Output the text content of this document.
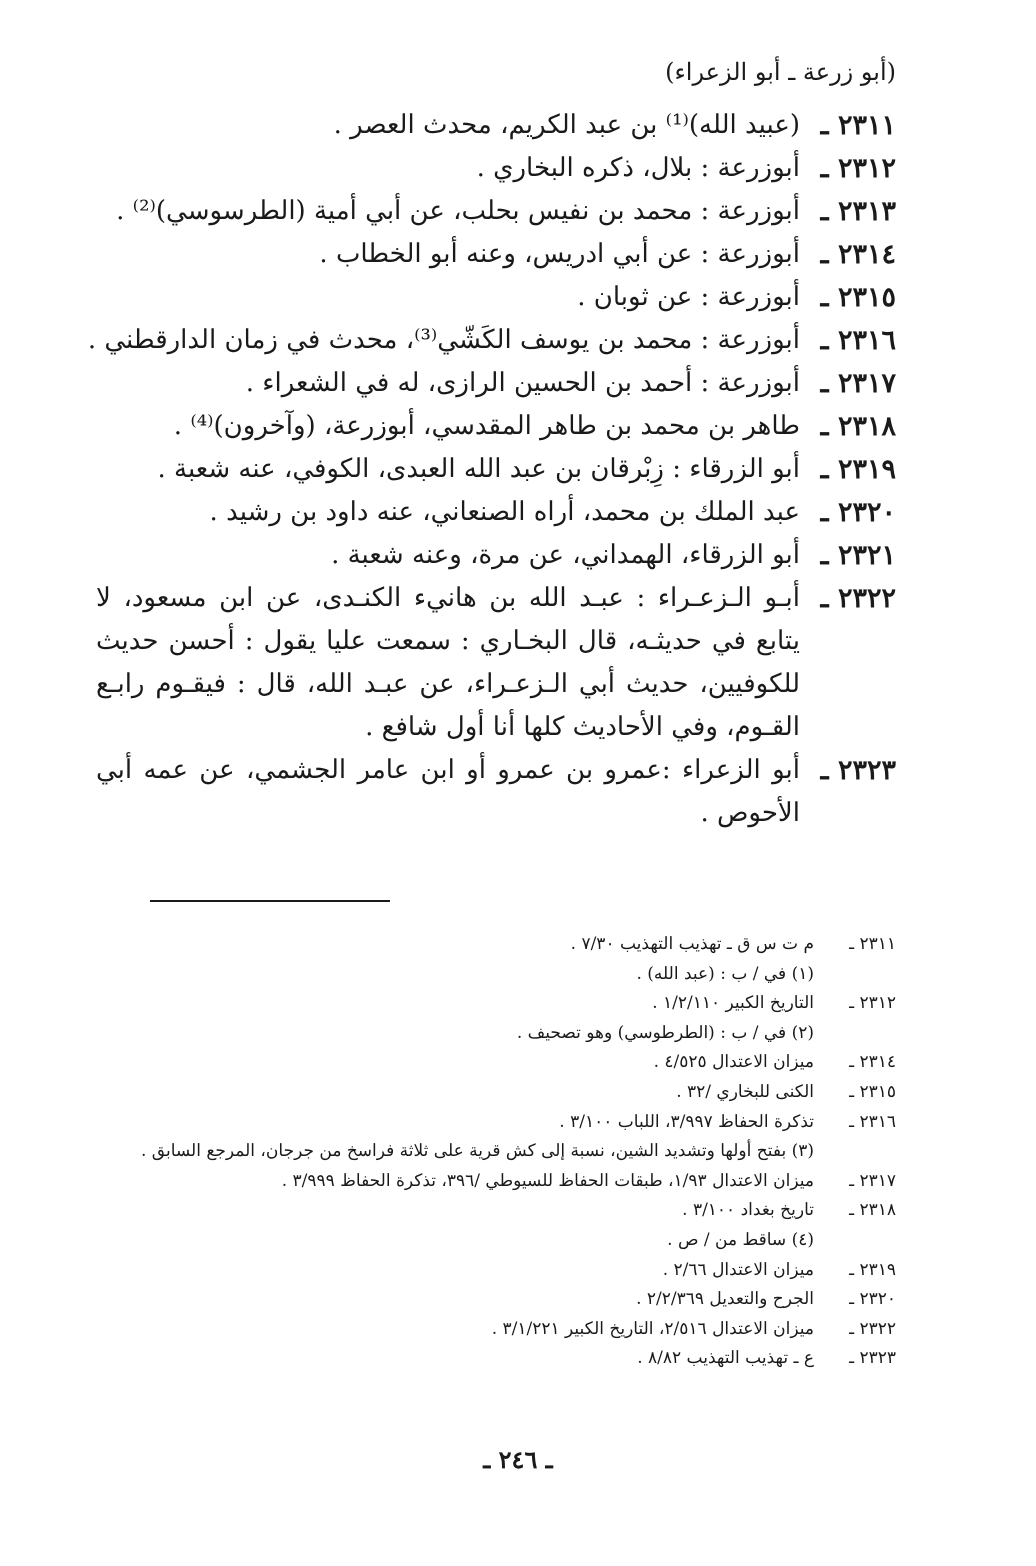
(أبو زرعة ـ أبو الزعراء)
٢٣١١ ـ
(عبيد الله)⁽¹⁾ بن عبد الكريم، محدث العصر .
٢٣١٢ ـ
أبوزرعة : بلال، ذكره البخاري .
٢٣١٣ ـ
أبوزرعة : محمد بن نفيس بحلب، عن أبي أمية (الطرسوسي)⁽²⁾ .
٢٣١٤ ـ
أبوزرعة : عن أبي ادريس، وعنه أبو الخطاب .
٢٣١٥ ـ
أبوزرعة : عن ثوبان .
٢٣١٦ ـ
أبوزرعة : محمد بن يوسف الكَشّي⁽³⁾، محدث في زمان الدارقطني .
٢٣١٧ ـ
أبوزرعة : أحمد بن الحسين الرازى، له في الشعراء .
٢٣١٨ ـ
طاهر بن محمد بن طاهر المقدسي، أبوزرعة، (وآخرون)⁽⁴⁾ .
٢٣١٩ ـ
أبو الزرقاء : زِبْرقان بن عبد الله العبدى، الكوفي، عنه شعبة .
٢٣٢٠ ـ
عبد الملك بن محمد، أراه الصنعاني، عنه داود بن رشيد .
٢٣٢١ ـ
أبو الزرقاء، الهمداني، عن مرة، وعنه شعبة .
٢٣٢٢ ـ
أبـو الـزعـراء : عبـد الله بن هانيء الكنـدى، عن ابن مسعود، لا يتابع في حديثـه، قال البخـاري : سمعت عليا يقول : أحسن حديث للكوفيين، حديث أبي الـزعـراء، عن عبـد الله، قال : فيقـوم رابـع القـوم، وفي الأحاديث كلها أنا أول شافع .
٢٣٢٣ ـ
أبو الزعراء :عمرو بن عمرو أو ابن عامر الجشمي، عن عمه أبي الأحوص .
٢٣١١ ـ
م ت س ق ـ تهذيب التهذيب ٧/٣٠ .
(١) في / ب : (عبد الله) .
٢٣١٢ ـ
التاريخ الكبير ١/٢/١١٠ .
(٢) في / ب : (الطرطوسي) وهو تصحيف .
٢٣١٤ ـ
ميزان الاعتدال ٤/٥٢٥ .
٢٣١٥ ـ
الكنى للبخاري /٣٢ .
٢٣١٦ ـ
تذكرة الحفاظ ٣/٩٩٧، اللباب ٣/١٠٠ .
(٣) بفتح أولها وتشديد الشين، نسبة إلى كش قرية على ثلاثة فراسخ من جرجان، المرجع السابق .
٢٣١٧ ـ
ميزان الاعتدال ١/٩٣، طبقات الحفاظ للسيوطي /٣٩٦، تذكرة الحفاظ ٣/٩٩٩ .
٢٣١٨ ـ
تاريخ بغداد ٣/١٠٠ .
(٤) ساقط من / ص .
٢٣١٩ ـ
ميزان الاعتدال ٢/٦٦ .
٢٣٢٠ ـ
الجرح والتعديل ٢/٢/٣٦٩ .
٢٣٢٢ ـ
ميزان الاعتدال ٢/٥١٦، التاريخ الكبير ٣/١/٢٢١ .
٢٣٢٣ ـ
ع ـ تهذيب التهذيب ٨/٨٢ .
ـ ٢٤٦ ـ
